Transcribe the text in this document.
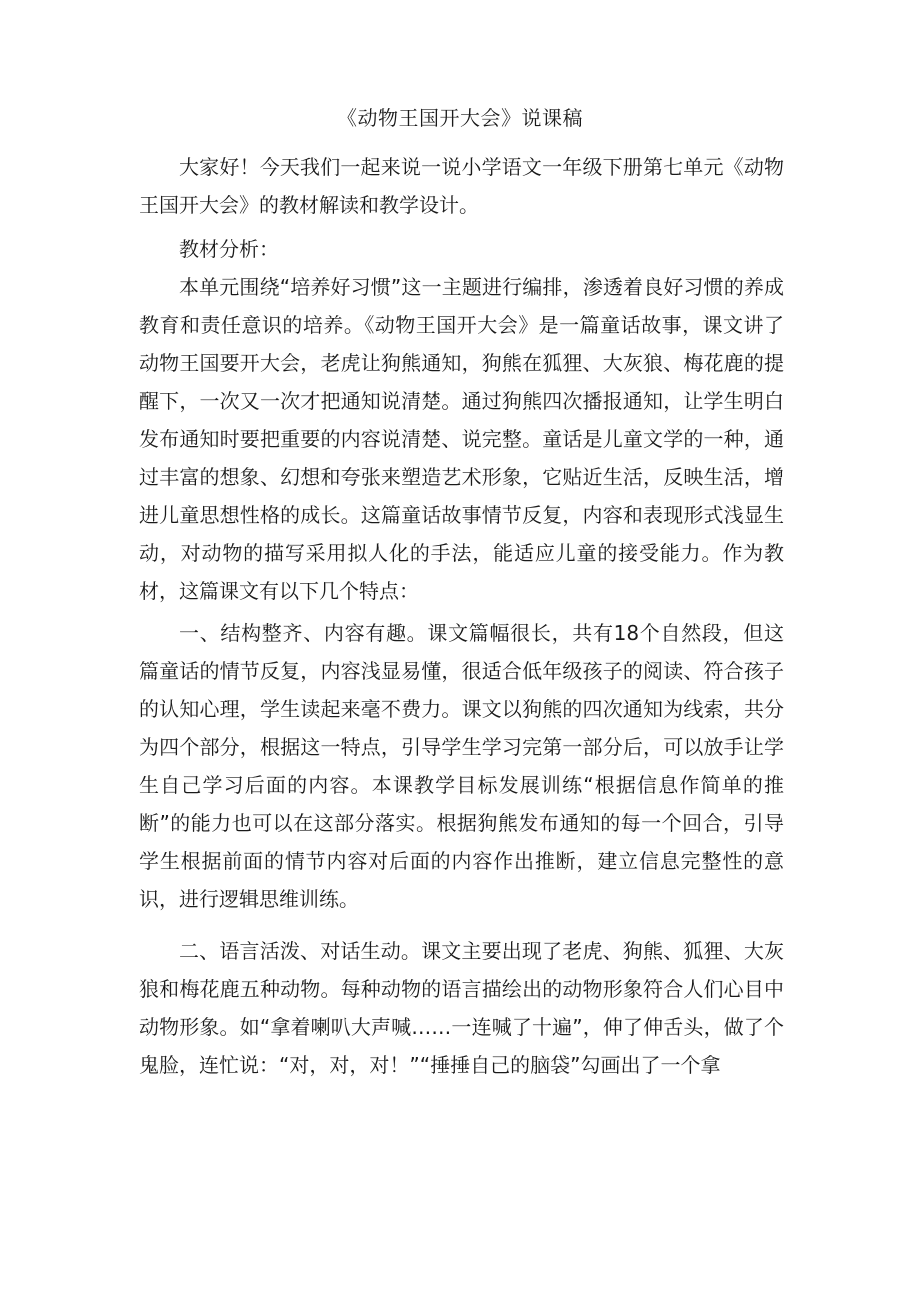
《动物王国开大会》说课稿

大家好！今天我们一起来说一说小学语文一年级下册第七单元《动物王国开大会》的教材解读和教学设计。

教材分析：

本单元围绕“培养好习惯”这一主题进行编排，渗透着良好习惯的养成教育和责任意识的培养。《动物王国开大会》是一篇童话故事，课文讲了动物王国要开大会，老虎让狗熊通知，狗熊在狐狸、大灰狼、梅花鹿的提醒下，一次又一次才把通知说清楚。通过狗熊四次播报通知，让学生明白发布通知时要把重要的内容说清楚、说完整。童话是儿童文学的一种，通过丰富的想象、幻想和夸张来塑造艺术形象，它贴近生活，反映生活，增进儿童思想性格的成长。这篇童话故事情节反复，内容和表现形式浅显生动，对动物的描写采用拟人化的手法，能适应儿童的接受能力。作为教材，这篇课文有以下几个特点：

一、结构整齐、内容有趣。课文篇幅很长，共有18个自然段，但这篇童话的情节反复，内容浅显易懂，很适合低年级孩子的阅读、符合孩子的认知心理，学生读起来毫不费力。课文以狗熊的四次通知为线索，共分为四个部分，根据这一特点，引导学生学习完第一部分后，可以放手让学生自己学习后面的内容。本课教学目标发展训练“根据信息作简单的推断”的能力也可以在这部分落实。根据狗熊发布通知的每一个回合，引导学生根据前面的情节内容对后面的内容作出推断，建立信息完整性的意识，进行逻辑思维训练。

二、语言活泼、对话生动。课文主要出现了老虎、狗熊、狐狸、大灰狼和梅花鹿五种动物。每种动物的语言描绘出的动物形象符合人们心目中动物形象。如“拿着喇叭大声喊……一连喊了十遍”，伸了伸舌头，做了个鬼脸，连忙说：“对，对，对！”“捶捶自己的脑袋”勾画出了一个拿
